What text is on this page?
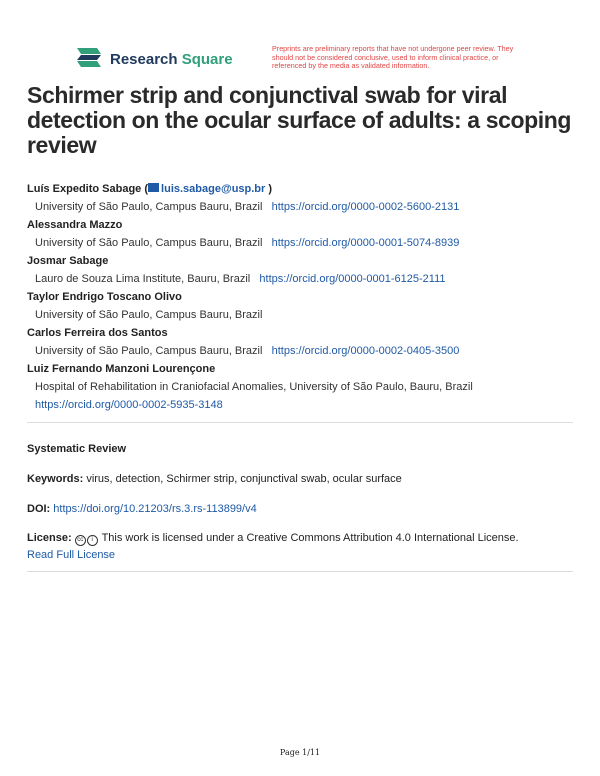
Research Square
Preprints are preliminary reports that have not undergone peer review. They should not be considered conclusive, used to inform clinical practice, or referenced by the media as validated information.
Schirmer strip and conjunctival swab for viral detection on the ocular surface of adults: a scoping review
Luís Expedito Sabage ( luis.sabage@usp.br )
University of São Paulo, Campus Bauru, Brazil https://orcid.org/0000-0002-5600-2131
Alessandra Mazzo
University of São Paulo, Campus Bauru, Brazil https://orcid.org/0000-0001-5074-8939
Josmar Sabage
Lauro de Souza Lima Institute, Bauru, Brazil https://orcid.org/0000-0001-6125-2111
Taylor Endrigo Toscano Olivo
University of São Paulo, Campus Bauru, Brazil
Carlos Ferreira dos Santos
University of São Paulo, Campus Bauru, Brazil https://orcid.org/0000-0002-0405-3500
Luiz Fernando Manzoni Lourençone
Hospital of Rehabilitation in Craniofacial Anomalies, University of São Paulo, Bauru, Brazil
https://orcid.org/0000-0002-5935-3148
Systematic Review
Keywords: virus, detection, Schirmer strip, conjunctival swab, ocular surface
DOI: https://doi.org/10.21203/rs.3.rs-113899/v4
License: cc i This work is licensed under a Creative Commons Attribution 4.0 International License.
Read Full License
Page 1/11
